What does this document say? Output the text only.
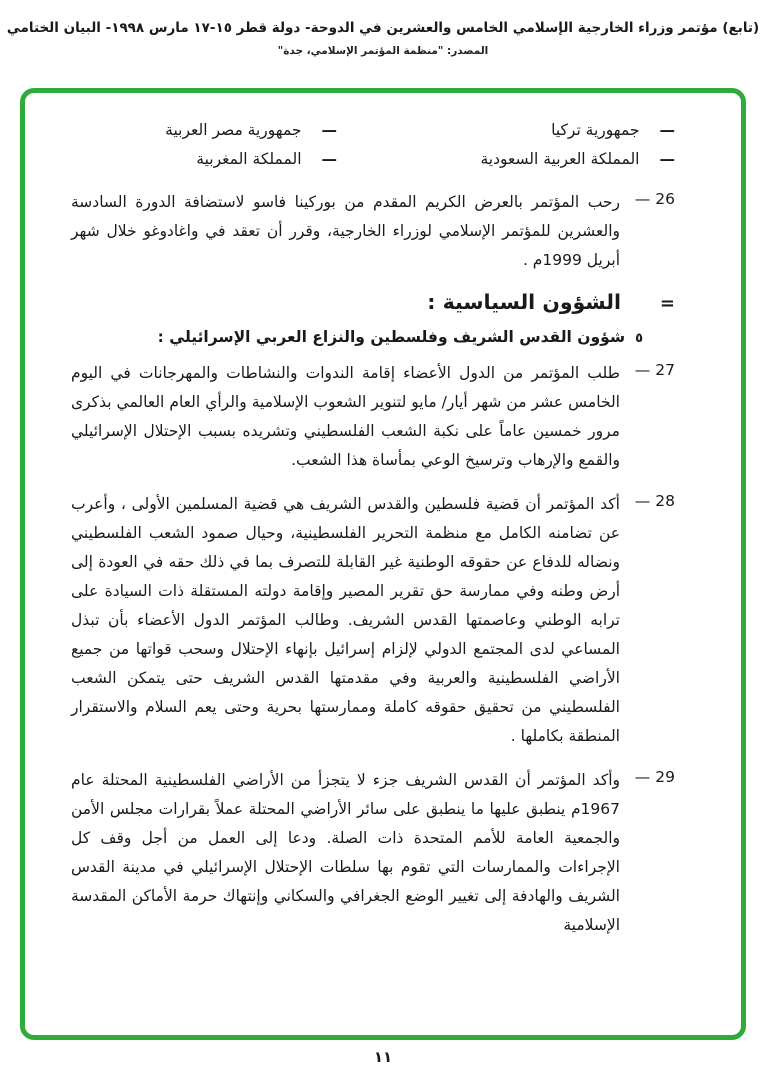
(تابع) مؤتمر وزراء الخارجية الإسلامي الخامس والعشرين في الدوحة- دولة قطر ١٥-١٧ مارس ١٩٩٨- البيان الختامي
المصدر: "منظمة المؤتمر الإسلامي، جدة"
—
جمهورية تركيا
—
جمهورية مصر العربية
—
المملكة العربية السعودية
—
المملكة المغربية
26
—

رحب المؤتمر بالعرض الكريم المقدم من بوركينا فاسو لاستضافة الدورة السادسة والعشرين للمؤتمر الإسلامي لوزراء الخارجية، وقرر أن تعقد في واغادوغو خلال شهر أبريل 1999م .

=
الشؤون السياسية :
٥
شؤون القدس الشريف وفلسطين والنزاع العربي الإسرائيلي :
27
—

طلب المؤتمر من الدول الأعضاء إقامة الندوات والنشاطات والمهرجانات في اليوم الخامس عشر من شهر أيار/ مايو لتنوير الشعوب الإسلامية والرأي العام العالمي بذكرى مرور خمسين عاماً على نكبة الشعب الفلسطيني وتشريده بسبب الإحتلال الإسرائيلي والقمع والإرهاب وترسيخ الوعي بمأساة هذا الشعب.

28
—

أكد المؤتمر أن قضية فلسطين والقدس الشريف هي قضية المسلمين الأولى ، وأعرب عن تضامنه الكامل مع منظمة التحرير الفلسطينية، وحيال صمود الشعب الفلسطيني ونضاله للدفاع عن حقوقه الوطنية غير القابلة للتصرف بما في ذلك حقه في العودة إلى أرض وطنه وفي ممارسة حق تقرير المصير وإقامة دولته المستقلة ذات السيادة على ترابه الوطني وعاصمتها القدس الشريف. وطالب المؤتمر الدول الأعضاء بأن تبذل المساعي لدى المجتمع الدولي لإلزام إسرائيل بإنهاء الإحتلال وسحب قواتها من جميع الأراضي الفلسطينية والعربية وفي مقدمتها القدس الشريف حتى يتمكن الشعب الفلسطيني من تحقيق حقوقه كاملة وممارستها بحرية وحتى يعم السلام والاستقرار المنطقة بكاملها .

29
—

وأكد المؤتمر أن القدس الشريف جزء لا يتجزأ من الأراضي الفلسطينية المحتلة عام 1967م ينطبق عليها ما ينطبق على سائر الأراضي المحتلة عملاً بقرارات مجلس الأمن والجمعية العامة للأمم المتحدة ذات الصلة. ودعا إلى العمل من أجل وقف كل الإجراءات والممارسات التي تقوم بها سلطات الإحتلال الإسرائيلي في مدينة القدس الشريف والهادفة إلى تغيير الوضع الجغرافي والسكاني وإنتهاك حرمة الأماكن المقدسة الإسلامية

١١
